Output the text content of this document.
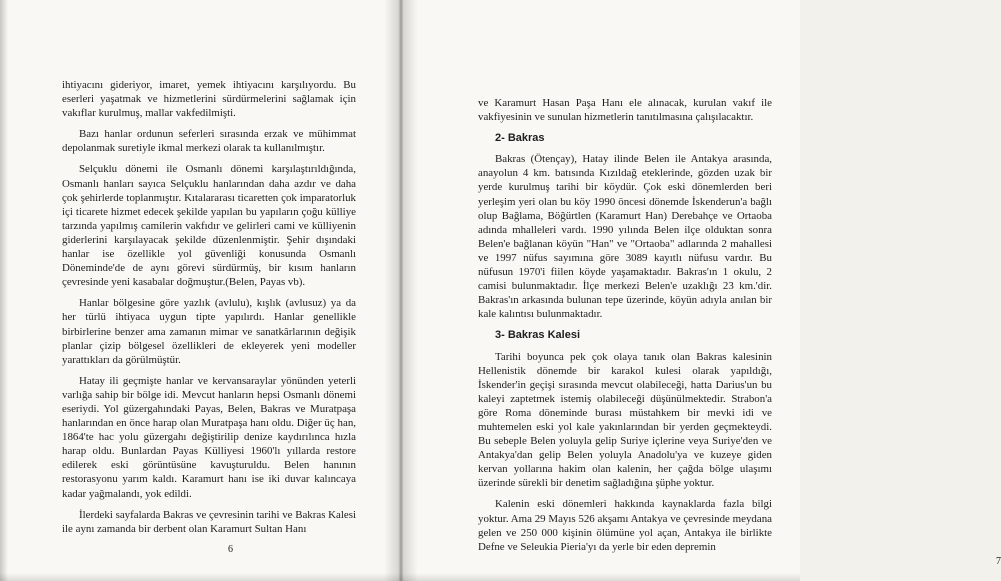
ihtiyacını gideriyor, imaret, yemek ihtiyacını karşılıyordu. Bu eserleri yaşatmak ve hizmetlerini sürdürmelerini sağlamak için vakıflar kurulmuş, mallar vakfedilmişti.

Bazı hanlar ordunun seferleri sırasında erzak ve mühimmat depolanmak suretiyle ikmal merkezi olarak ta kullanılmıştır.

Selçuklu dönemi ile Osmanlı dönemi karşılaştırıldığında, Osmanlı hanları sayıca Selçuklu hanlarından daha azdır ve daha çok şehirlerde toplanmıştır. Kıtalararası ticaretten çok imparatorluk içi ticarete hizmet edecek şekilde yapılan bu yapıların çoğu külliye tarzında yapılmış camilerin vakfıdır ve gelirleri cami ve külliyenin giderlerini karşılayacak şekilde düzenlenmiştir. Şehir dışındaki hanlar ise özellikle yol güvenliği konusunda Osmanlı Döneminde'de de aynı görevi sürdürmüş, bir kısım hanların çevresinde yeni kasabalar doğmuştur.(Belen, Payas vb).

Hanlar bölgesine göre yazlık (avlulu), kışlık (avlusuz) ya da her türlü ihtiyaca uygun tipte yapılırdı. Hanlar genellikle birbirlerine benzer ama zamanın mimar ve sanatkârlarının değişik planlar çizip bölgesel özellikleri de ekleyerek yeni modeller yarattıkları da görülmüştür.

Hatay ili geçmişte hanlar ve kervansaraylar yönünden yeterli varlığa sahip bir bölge idi. Mevcut hanların hepsi Osmanlı dönemi eseriydi. Yol güzergahındaki Payas, Belen, Bakras ve Muratpaşa hanlarından en önce harap olan Muratpaşa hanı oldu. Diğer üç han, 1864'te hac yolu güzergahı değiştirilip denize kaydırılınca hızla harap oldu. Bunlardan Payas Külliyesi 1960'lı yıllarda restore edilerek eski görüntüsüne kavuşturuldu. Belen hanının restorasyonu yarım kaldı. Karamurt hanı ise iki duvar kalıncaya kadar yağmalandı, yok edildi.

İlerdeki sayfalarda Bakras ve çevresinin tarihi ve Bakras Kalesi ile aynı zamanda bir derbent olan Karamurt Sultan Hanı

6

ve Karamurt Hasan Paşa Hanı ele alınacak, kurulan vakıf ile vakfiyesinin ve sunulan hizmetlerin tanıtılmasına çalışılacaktır.

2- Bakras

Bakras (Ötençay), Hatay ilinde Belen ile Antakya arasında, anayolun 4 km. batısında Kızıldağ eteklerinde, gözden uzak bir yerde kurulmuş tarihi bir köydür. Çok eski dönemlerden beri yerleşim yeri olan bu köy 1990 öncesi dönemde İskenderun'a bağlı olup Bağlama, Böğürtlen (Karamurt Han) Derebahçe ve Ortaoba adında mhalleleri vardı. 1990 yılında Belen ilçe olduktan sonra Belen'e bağlanan köyün "Han" ve "Ortaoba" adlarında 2 mahallesi ve 1997 nüfus sayımına göre 3089 kayıtlı nüfusu vardır. Bu nüfusun 1970'i fiilen köyde yaşamaktadır. Bakras'ın 1 okulu, 2 camisi bulunmaktadır. İlçe merkezi Belen'e uzaklığı 23 km.'dir. Bakras'ın arkasında bulunan tepe üzerinde, köyün adıyla anılan bir kale kalıntısı bulunmaktadır.

3- Bakras Kalesi

Tarihi boyunca pek çok olaya tanık olan Bakras kalesinin Hellenistik dönemde bir karakol kulesi olarak yapıldığı, İskender'in geçişi sırasında mevcut olabileceği, hatta Darius'un bu kaleyi zaptetmek istemiş olabileceği düşünülmektedir. Strabon'a göre Roma döneminde burası müstahkem bir mevki idi ve muhtemelen eski yol kale yakınlarından bir yerden geçmekteydi. Bu sebeple Belen yoluyla gelip Suriye içlerine veya Suriye'den ve Antakya'dan gelip Belen yoluyla Anadolu'ya ve kuzeye giden kervan yollarına hakim olan kalenin, her çağda bölge ulaşımı üzerinde sürekli bir denetim sağladığına şüphe yoktur.

Kalenin eski dönemleri hakkında kaynaklarda fazla bilgi yoktur. Ama 29 Mayıs 526 akşamı Antakya ve çevresinde meydana gelen ve 250 000 kişinin ölümüne yol açan, Antakya ile birlikte Defne ve Seleukia Pieria'yı da yerle bir eden depremin

7
